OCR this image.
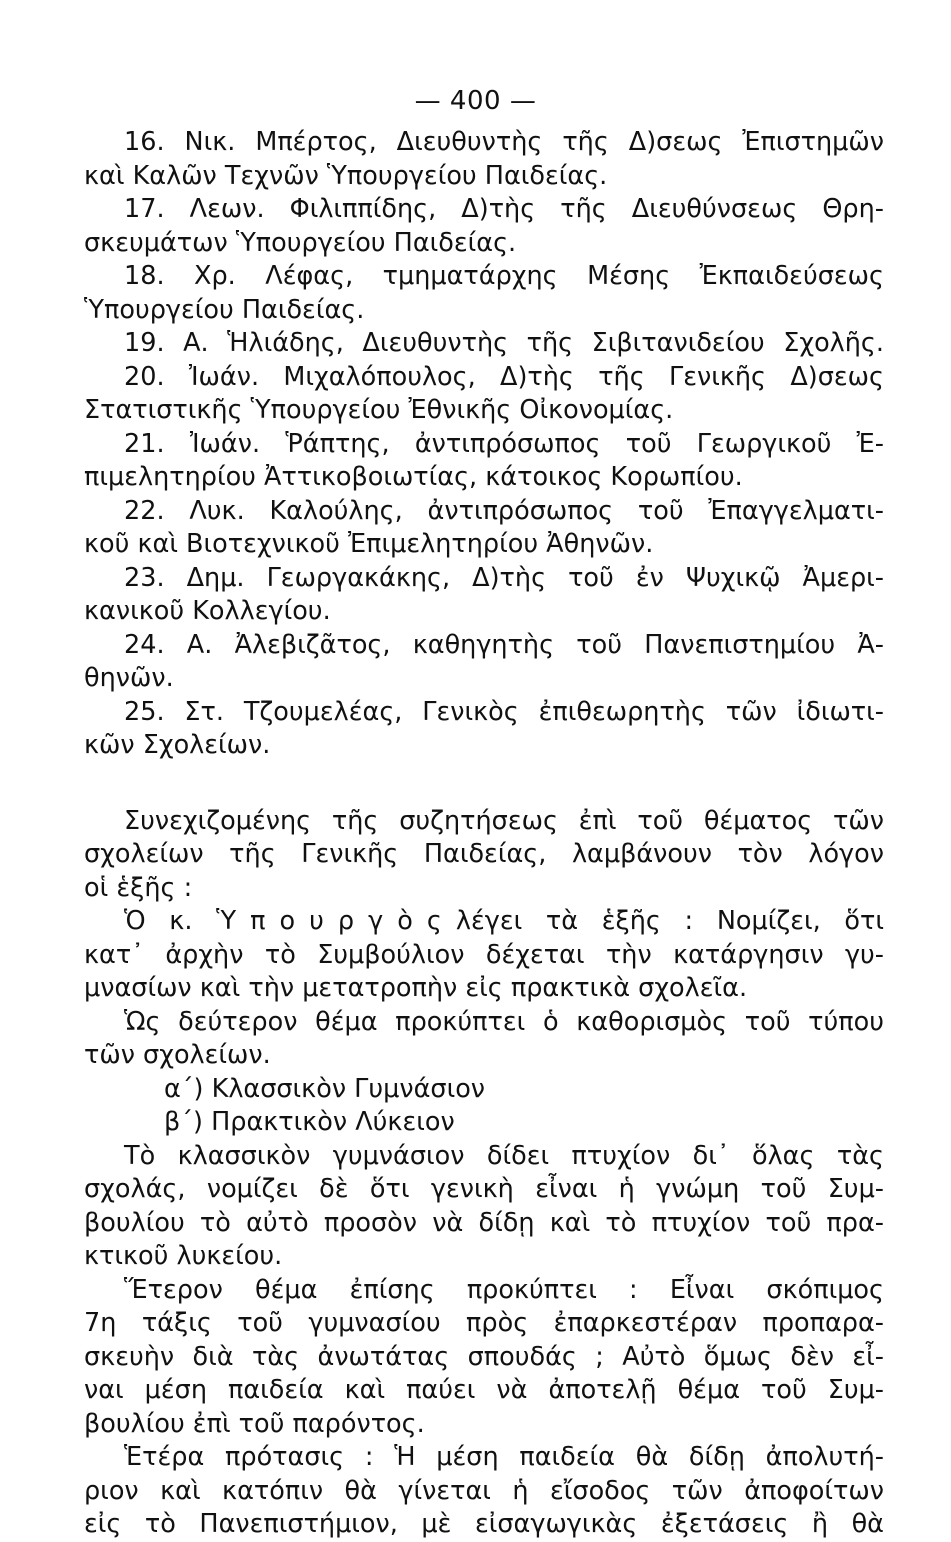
— 400 —
16. Νικ. Μπέρτος, Διευθυντὴς τῆς Δ)σεως Ἐπιστημῶν
καὶ Καλῶν Τεχνῶν Ὑπουργείου Παιδείας.
17. Λεων. Φιλιππίδης, Δ)τὴς τῆς Διευθύνσεως Θρη-
σκευμάτων Ὑπουργείου Παιδείας.
18. Χρ. Λέφας, τμηματάρχης Μέσης Ἐκπαιδεύσεως
Ὑπουργείου Παιδείας.
19. Α. Ἡλιάδης, Διευθυντὴς τῆς Σιβιτανιδείου Σχολῆς.
20. Ἰωάν. Μιχαλόπουλος, Δ)τὴς τῆς Γενικῆς Δ)σεως
Στατιστικῆς Ὑπουργείου Ἐθνικῆς Οἰκονομίας.
21. Ἰωάν. Ῥάπτης, ἀντιπρόσωπος τοῦ Γεωργικοῦ Ἐ-
πιμελητηρίου Ἀττικοβοιωτίας, κάτοικος Κορωπίου.
22. Λυκ. Καλούλης, ἀντιπρόσωπος τοῦ Ἐπαγγελματι-
κοῦ καὶ Βιοτεχνικοῦ Ἐπιμελητηρίου Ἀθηνῶν.
23. Δημ. Γεωργακάκης, Δ)τὴς τοῦ ἐν Ψυχικῷ Ἀμερι-
κανικοῦ Κολλεγίου.
24. Α. Ἀλεβιζᾶτος, καθηγητὴς τοῦ Πανεπιστημίου Ἀ-
θηνῶν.
25. Στ. Τζουμελέας, Γενικὸς ἐπιθεωρητὴς τῶν ἰδιωτι-
κῶν Σχολείων.
Συνεχιζομένης τῆς συζητήσεως ἐπὶ τοῦ θέματος τῶν
σχολείων τῆς Γενικῆς Παιδείας, λαμβάνουν τὸν λόγον
οἱ ἑξῆς :
Ὁ κ. Ὑπουργὸςλέγει τὰ ἑξῆς : Νομίζει, ὅτι
κατ᾿ ἀρχὴν τὸ Συμβούλιον δέχεται τὴν κατάργησιν γυ-
μνασίων καὶ τὴν μετατροπὴν εἰς πρακτικὰ σχολεῖα.
Ὡς δεύτερον θέμα προκύπτει ὁ καθορισμὸς τοῦ τύπου
τῶν σχολείων.
α΄) Κλασσικὸν Γυμνάσιον
β΄) Πρακτικὸν Λύκειον
Τὸ κλασσικὸν γυμνάσιον δίδει πτυχίον δι᾿ ὅλας τὰς
σχολάς, νομίζει δὲ ὅτι γενικὴ εἶναι ἡ γνώμη τοῦ Συμ-
βουλίου τὸ αὐτὸ προσὸν νὰ δίδῃ καὶ τὸ πτυχίον τοῦ πρα-
κτικοῦ λυκείου.
Ἕτερον θέμα ἐπίσης προκύπτει : Εἶναι σκόπιμος
7η τάξις τοῦ γυμνασίου πρὸς ἐπαρκεστέραν προπαρα-
σκευὴν διὰ τὰς ἀνωτάτας σπουδάς ; Αὐτὸ ὅμως δὲν εἶ-
ναι μέση παιδεία καὶ παύει νὰ ἀποτελῇ θέμα τοῦ Συμ-
βουλίου ἐπὶ τοῦ παρόντος.
Ἑτέρα πρότασις : Ἡ μέση παιδεία θὰ δίδῃ ἀπολυτή-
ριον καὶ κατόπιν θὰ γίνεται ἡ εἴσοδος τῶν ἀποφοίτων
εἰς τὸ Πανεπιστήμιον, μὲ εἰσαγωγικὰς ἐξετάσεις ἢ θὰ
